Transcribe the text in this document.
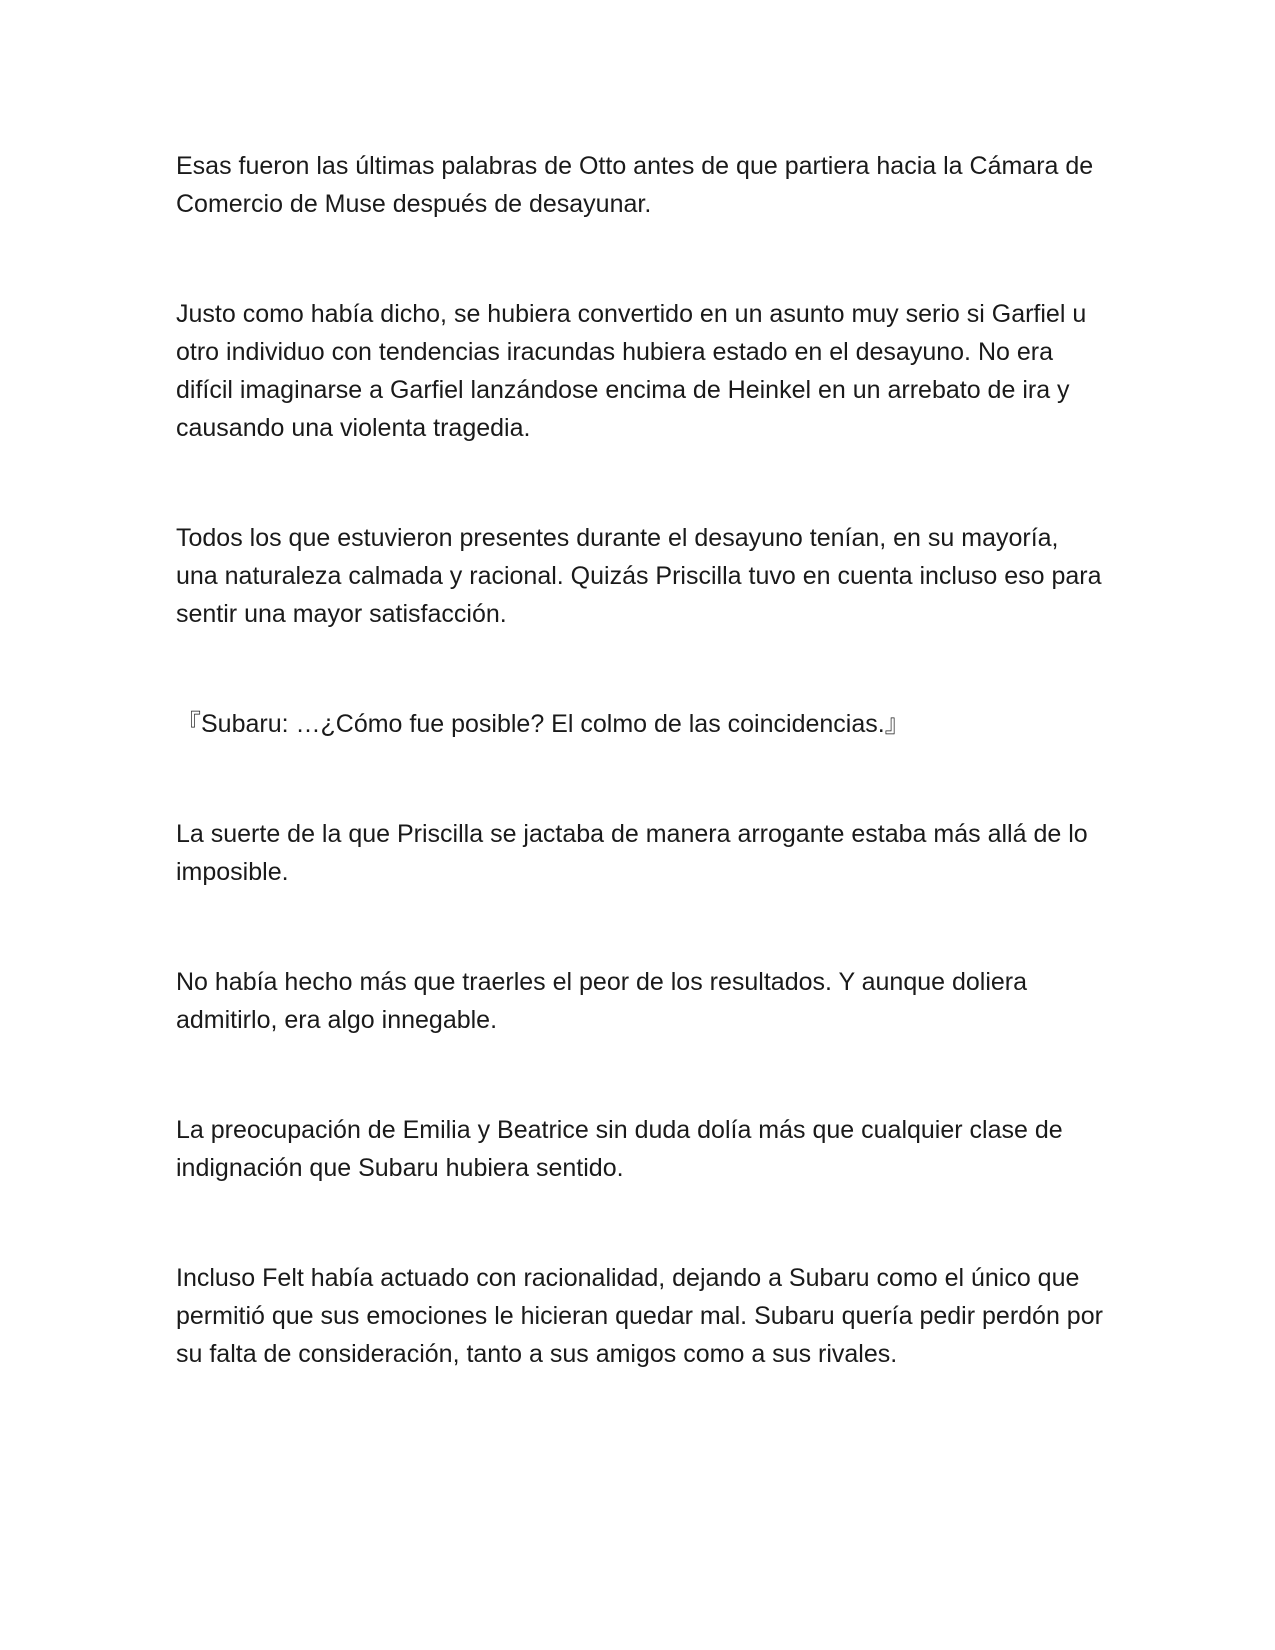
Esas fueron las últimas palabras de Otto antes de que partiera hacia la Cámara de Comercio de Muse después de desayunar.

Justo como había dicho, se hubiera convertido en un asunto muy serio si Garfiel u otro individuo con tendencias iracundas hubiera estado en el desayuno. No era difícil imaginarse a Garfiel lanzándose encima de Heinkel en un arrebato de ira y causando una violenta tragedia.

Todos los que estuvieron presentes durante el desayuno tenían, en su mayoría, una naturaleza calmada y racional. Quizás Priscilla tuvo en cuenta incluso eso para sentir una mayor satisfacción.

『Subaru: …¿Cómo fue posible? El colmo de las coincidencias.』

La suerte de la que Priscilla se jactaba de manera arrogante estaba más allá de lo imposible.

No había hecho más que traerles el peor de los resultados. Y aunque doliera admitirlo, era algo innegable.

La preocupación de Emilia y Beatrice sin duda dolía más que cualquier clase de indignación que Subaru hubiera sentido.

Incluso Felt había actuado con racionalidad, dejando a Subaru como el único que permitió que sus emociones le hicieran quedar mal. Subaru quería pedir perdón por su falta de consideración, tanto a sus amigos como a sus rivales.
